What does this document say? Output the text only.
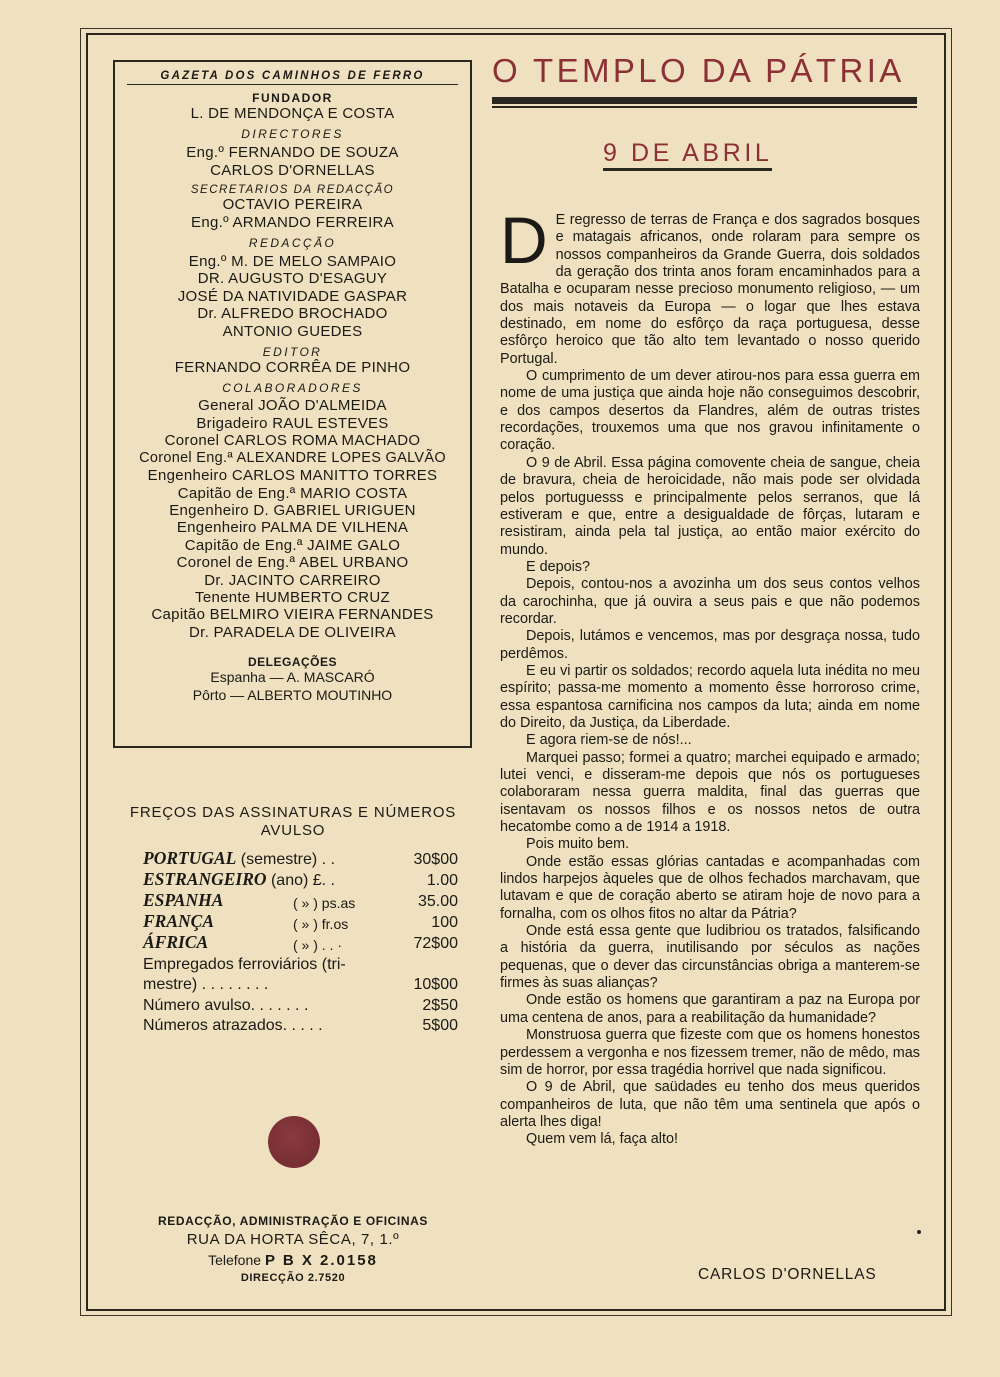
GAZETA DOS CAMINHOS DE FERRO
FUNDADOR
L. DE MENDONÇA E COSTA
DIRECTORES
Eng.º FERNANDO DE SOUZA
CARLOS D'ORNELLAS
SECRETARIOS DA REDACÇÃO
OCTAVIO PEREIRA
Eng.º ARMANDO FERREIRA
REDACÇÃO
Eng.º M. DE MELO SAMPAIO
DR. AUGUSTO D'ESAGUY
JOSÉ DA NATIVIDADE GASPAR
Dr. ALFREDO BROCHADO
ANTONIO GUEDES
EDITOR
FERNANDO CORRÊA DE PINHO
COLABORADORES
General JOÃO D'ALMEIDA
Brigadeiro RAUL ESTEVES
Coronel CARLOS ROMA MACHADO
Coronel Eng.ª ALEXANDRE LOPES GALVÃO
Engenheiro CARLOS MANITTO TORRES
Capitão de Eng.ª MARIO COSTA
Engenheiro D. GABRIEL URIGUEN
Engenheiro PALMA DE VILHENA
Capitão de Eng.ª JAIME GALO
Coronel de Eng.ª ABEL URBANO
Dr. JACINTO CARREIRO
Tenente HUMBERTO CRUZ
Capitão BELMIRO VIEIRA FERNANDES
Dr. PARADELA DE OLIVEIRA
DELEGAÇÕES
Espanha — A. MASCARÓ
Pôrto — ALBERTO MOUTINHO
FREÇOS DAS ASSINATURAS E NÚMEROS AVULSO
PORTUGAL (semestre) . .		30$00
ESTRANGEIRO (ano) £. .		1.00
ESPANHA	( » ) ps.as	35.00
FRANÇA	( » ) fr.os	100
ÁFRICA	( » ) . . ·	72$00
Empregados ferroviários (tri-		
mestre) . . . . . . . .		10$00
Número avulso. . . . . . .		2$50
Números atrazados. . . . .		5$00
REDACÇÃO, ADMINISTRAÇÃO E OFICINAS
RUA DA HORTA SÊCA, 7, 1.º
Telefone P B X 2.0158
DIRECÇÃO 2.7520
O TEMPLO DA PÁTRIA
9 DE ABRIL

D E regresso de terras de França e dos sagrados bosques e matagais africanos, onde rolaram para sempre os nossos companheiros da Grande Guerra, dois soldados da geração dos trinta anos foram encaminhados para a Batalha e ocuparam nesse precioso monumento religioso, — um dos mais notaveis da Europa — o logar que lhes estava destinado, em nome do esfôrço da raça portuguesa, desse esfôrço heroico que tão alto tem levantado o nosso querido Portugal.

O cumprimento de um dever atirou-nos para essa guerra em nome de uma justiça que ainda hoje não conseguimos descobrir, e dos campos desertos da Flandres, além de outras tristes recordações, trouxemos uma que nos gravou infinitamente o coração.

O 9 de Abril. Essa página comovente cheia de sangue, cheia de bravura, cheia de heroicidade, não mais pode ser olvidada pelos portuguesss e principalmente pelos serranos, que lá estiveram e que, entre a desigualdade de fôrças, lutaram e resistiram, ainda pela tal justiça, ao então maior exército do mundo.

E depois?

Depois, contou-nos a avozinha um dos seus contos velhos da carochinha, que já ouvira a seus pais e que não podemos recordar.

Depois, lutámos e vencemos, mas por desgraça nossa, tudo perdêmos.

E eu vi partir os soldados; recordo aquela luta inédita no meu espírito; passa-me momento a momento êsse horroroso crime, essa espantosa carnificina nos campos da luta; ainda em nome do Direito, da Justiça, da Liberdade.

E agora riem-se de nós!...

Marquei passo; formei a quatro; marchei equipado e armado; lutei venci, e disseram-me depois que nós os portugueses colaboraram nessa guerra maldita, final das guerras que isentavam os nossos filhos e os nossos netos de outra hecatombe como a de 1914 a 1918.

Pois muito bem.

Onde estão essas glórias cantadas e acompanhadas com lindos harpejos àqueles que de olhos fechados marchavam, que lutavam e que de coração aberto se atiram hoje de novo para a fornalha, com os olhos fitos no altar da Pátria?

Onde está essa gente que ludibriou os tratados, falsificando a história da guerra, inutilisando por séculos as nações pequenas, que o dever das circunstâncias obriga a manterem-se firmes às suas alianças?

Onde estão os homens que garantiram a paz na Europa por uma centena de anos, para a reabilitação da humanidade?

Monstruosa guerra que fizeste com que os homens honestos perdessem a vergonha e nos fizessem tremer, não de mêdo, mas sim de horror, por essa tragédia horrivel que nada significou.

O 9 de Abril, que saüdades eu tenho dos meus queridos companheiros de luta, que não têm uma sentinela que após o alerta lhes diga!

Quem vem lá, faça alto!

CARLOS D'ORNELLAS
